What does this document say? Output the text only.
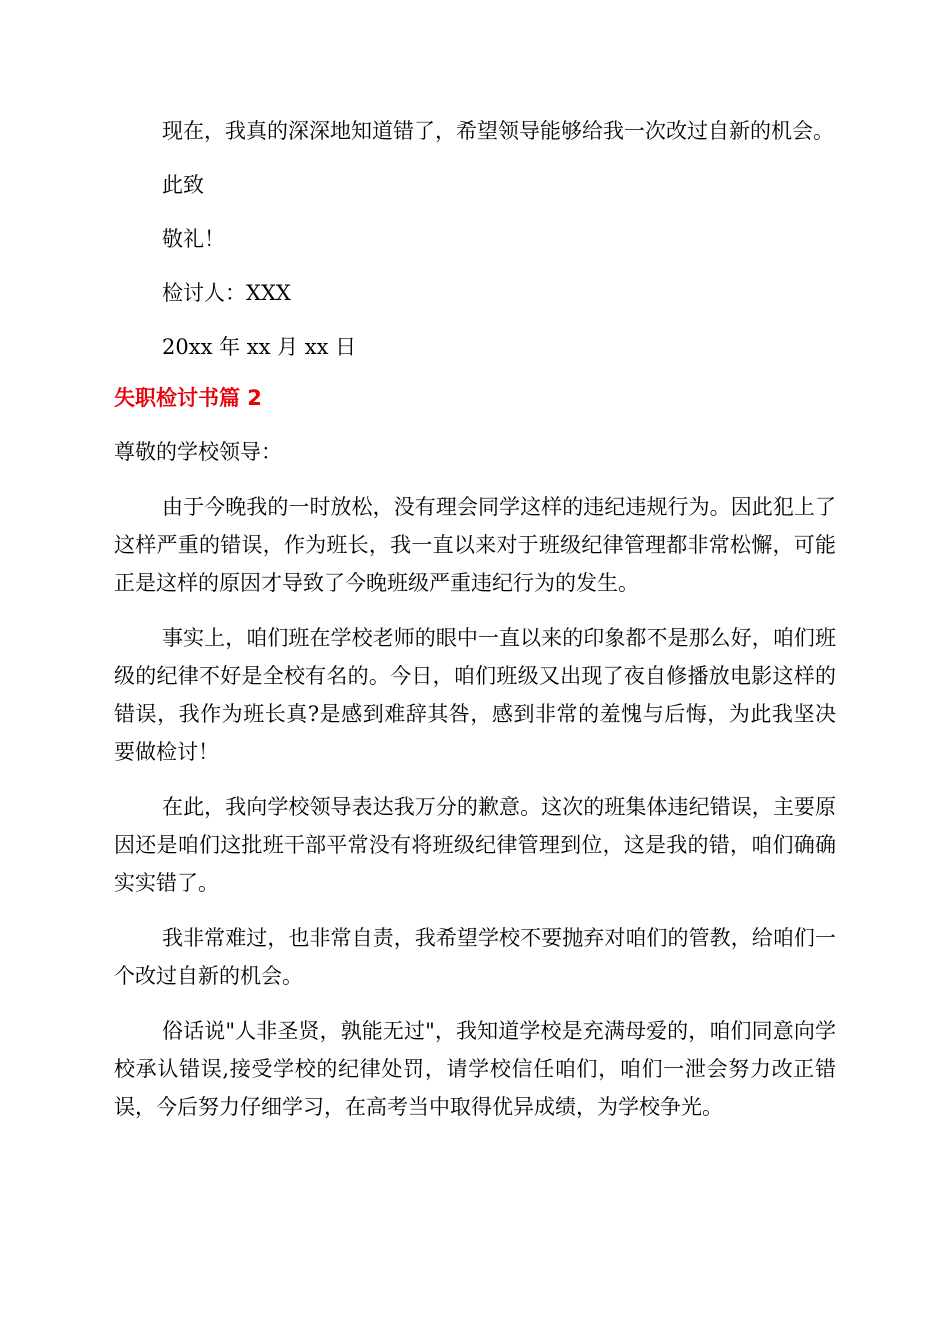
现在，我真的深深地知道错了，希望领导能够给我一次改过自新的机会。

此致

敬礼！

检讨人：XXX

20xx 年 xx 月 xx 日

失职检讨书篇 2

尊敬的学校领导：

由于今晚我的一时放松，没有理会同学这样的违纪违规行为。因此犯上了这样严重的错误，作为班长，我一直以来对于班级纪律管理都非常松懈，可能正是这样的原因才导致了今晚班级严重违纪行为的发生。

事实上，咱们班在学校老师的眼中一直以来的印象都不是那么好，咱们班级的纪律不好是全校有名的。今日，咱们班级又出现了夜自修播放电影这样的错误，我作为班长真?是感到难辞其咎，感到非常的羞愧与后悔，为此我坚决要做检讨！

在此，我向学校领导表达我万分的歉意。这次的班集体违纪错误，主要原因还是咱们这批班干部平常没有将班级纪律管理到位，这是我的错，咱们确确实实错了。

我非常难过，也非常自责，我希望学校不要抛弃对咱们的管教，给咱们一个改过自新的机会。

俗话说"人非圣贤，孰能无过"，我知道学校是充满母爱的，咱们同意向学校承认错误,接受学校的纪律处罚，请学校信任咱们，咱们一泄会努力改正错误，今后努力仔细学习，在高考当中取得优异成绩，为学校争光。
